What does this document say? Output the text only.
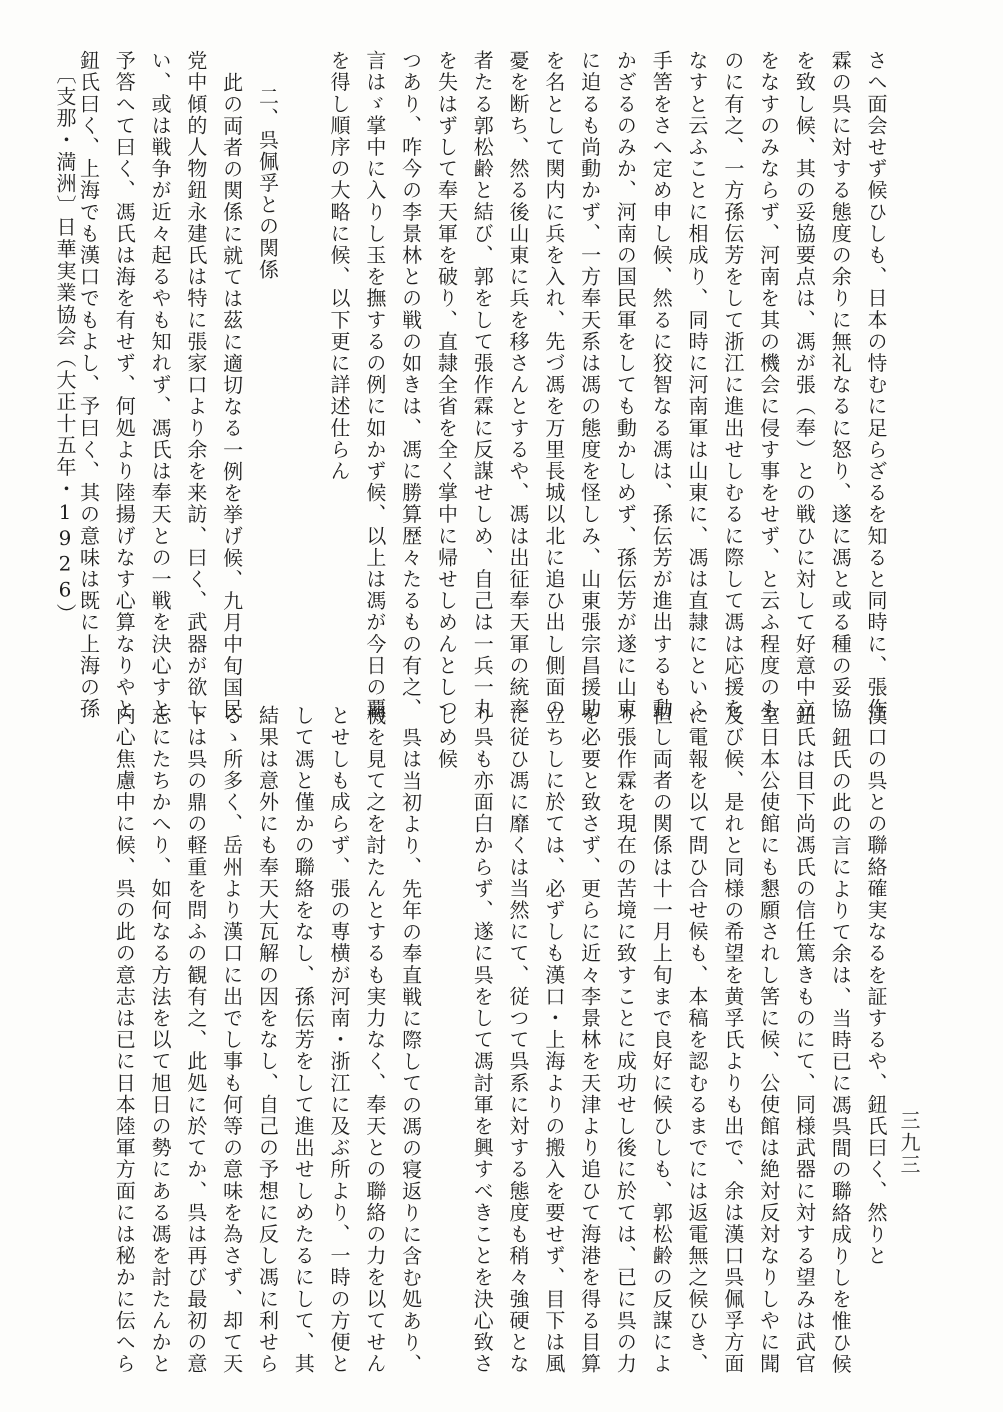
さへ面会せず候ひしも、日本の恃むに足らざるを知ると同時に、張作
霖の呉に対する態度の余りに無礼なるに怒り、遂に馮と或る種の妥協
を致し候、其の妥協要点は、馮が張（奉）との戦ひに対して好意中立
をなすのみならず、河南を其の機会に侵す事をせず、と云ふ程度のも
のに有之、一方孫伝芳をして浙江に進出せしむるに際して馮は応援を
なすと云ふことに相成り、同時に河南軍は山東に、馮は直隷にといふ
手筈をさへ定め申し候、然るに狡智なる馮は、孫伝芳が進出するも動
かざるのみか、河南の国民軍をしても動かしめず、孫伝芳が遂に山東
に迫るも尚動かず、一方奉天系は馮の態度を怪しみ、山東張宗昌援助
を名として関内に兵を入れ、先づ馮を万里長城以北に追ひ出し側面の
憂を断ち、然る後山東に兵を移さんとするや、馮は出征奉天軍の統率
者たる郭松齢と結び、郭をして張作霖に反謀せしめ、自己は一兵一丸
を失はずして奉天軍を破り、直隷全省を全く掌中に帰せしめんとしつ
つあり、咋今の李景林との戦の如きは、馮に勝算歴々たるもの有之、
言はゞ掌中に入りし玉を撫するの例に如かず候、以上は馮が今日の覇
を得し順序の大略に候、以下更に詳述仕らん
二、呉佩孚との関係
此の両者の関係に就ては茲に適切なる一例を挙げ候、九月中旬国民
党中傾的人物鈕永建氏は特に張家口より余を来訪、曰く、武器が欲し
い、或は戦争が近々起るやも知れず、馮氏は奉天との一戦を決心すと
予答へて曰く、馮氏は海を有せず、何処より陸揚げなす心算なりやと
鈕氏曰く、上海でも漢口でもよし、予曰く、其の意味は既に上海の孫
漢口の呉との聯絡確実なるを証するや、鈕氏曰く、然りと
鈕氏の此の言によりて余は、当時已に馮呉間の聯絡成りしを惟ひ候
鈕氏は目下尚馮氏の信任篤きものにて、同様武器に対する望みは武官
室日本公使館にも懇願されし筈に候、公使館は絶対反対なりしやに聞
及び候、是れと同様の希望を黄孚氏よりも出で、余は漢口呉佩孚方面
に電報を以て問ひ合せ候も、本稿を認むるまでには返電無之候ひき、
但し両者の関係は十一月上旬まで良好に候ひしも、郭松齢の反謀によ
り張作霖を現在の苦境に致すことに成功せし後に於ては、已に呉の力
を必要と致さず、更らに近々李景林を天津より追ひて海港を得る目算
立ちしに於ては、必ずしも漢口・上海よりの搬入を要せず、目下は風
に従ひ馮に靡くは当然にて、従つて呉系に対する態度も稍々強硬とな
り呉も亦面白からず、遂に呉をして馮討軍を興すべきことを決心致さ
しめ候
呉は当初より、先年の奉直戦に際しての馮の寝返りに含む処あり、
機を見て之を討たんとするも実力なく、奉天との聯絡の力を以てせん
とせしも成らず、張の専横が河南・浙江に及ぶ所より、一時の方便と
して馮と僅かの聯絡をなし、孫伝芳をして進出せしめたるにして、其
結果は意外にも奉天大瓦解の因をなし、自己の予想に反し馮に利せら
るゝ所多く、岳州より漢口に出でし事も何等の意味を為さず、却て天
下は呉の鼎の軽重を問ふの観有之、此処に於てか、呉は再び最初の意
志にたちかへり、如何なる方法を以て旭日の勢にある馮を討たんかと
内心焦慮中に候、呉の此の意志は已に日本陸軍方面には秘かに伝へら
〔支那・満洲〕日華実業協会（大正十五年・1926）
三九三
